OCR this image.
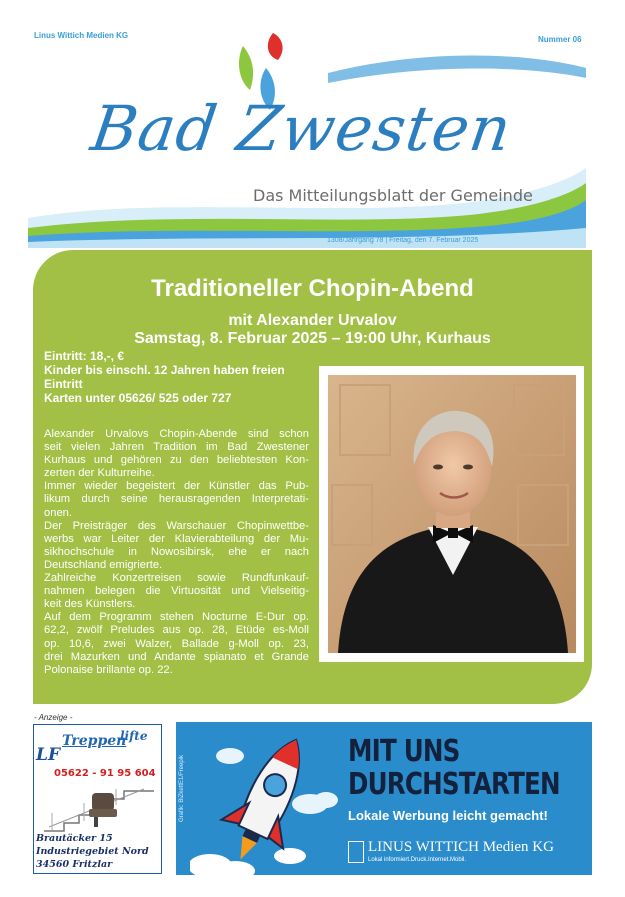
Linus Wittich Medien KG	Nummer 06
Bad Zwesten
Das Mitteilungsblatt der Gemeinde
1308/Jahrgang 78 | Freitag, den 7. Februar 2025
Traditioneller Chopin-Abend
mit Alexander Urvalov
Samstag, 8. Februar 2025 – 19:00 Uhr, Kurhaus
Eintritt: 18,-, €
Kinder bis einschl. 12 Jahren haben freien
Eintritt
Karten unter 05626/ 525 oder 727
Alexander Urvalovs Chopin-Abende sind schon
seit vielen Jahren Tradition im Bad Zwestener
Kurhaus und gehören zu den beliebtesten Kon-
zerten der Kulturreihe.
Immer wieder begeistert der Künstler das Pub-
likum durch seine herausragenden Interpretati-
onen.
Der Preisträger des Warschauer Chopinwettbe-
werbs war Leiter der Klavierabteilung der Mu-
sikhochschule in Nowosibirsk, ehe er nach
Deutschland emigrierte.
Zahlreiche Konzertreisen sowie Rundfunkauf-
nahmen belegen die Virtuosität und Vielseitig-
keit des Künstlers.
Auf dem Programm stehen Nocturne E-Dur op.
62,2, zwölf Preludes aus op. 28, Etüde es-Moll
op. 10,6, zwei Walzer, Ballade g-Moll op. 23,
drei Mazurken und Andante spianato et Grande
Polonaise brillante op. 22.
- Anzeige -
lifte
Treppen
LF
05622 - 91 95 604
Brautäcker 15
Industriegebiet Nord
34560 Fritzlar
Grafik: BiZkettE1/Freepik
MIT UNS
DURCHSTARTEN
Lokale Werbung leicht gemacht!
LINUS WITTICH Medien KG
Lokal informiert.Druck.Internet.Mobil.
